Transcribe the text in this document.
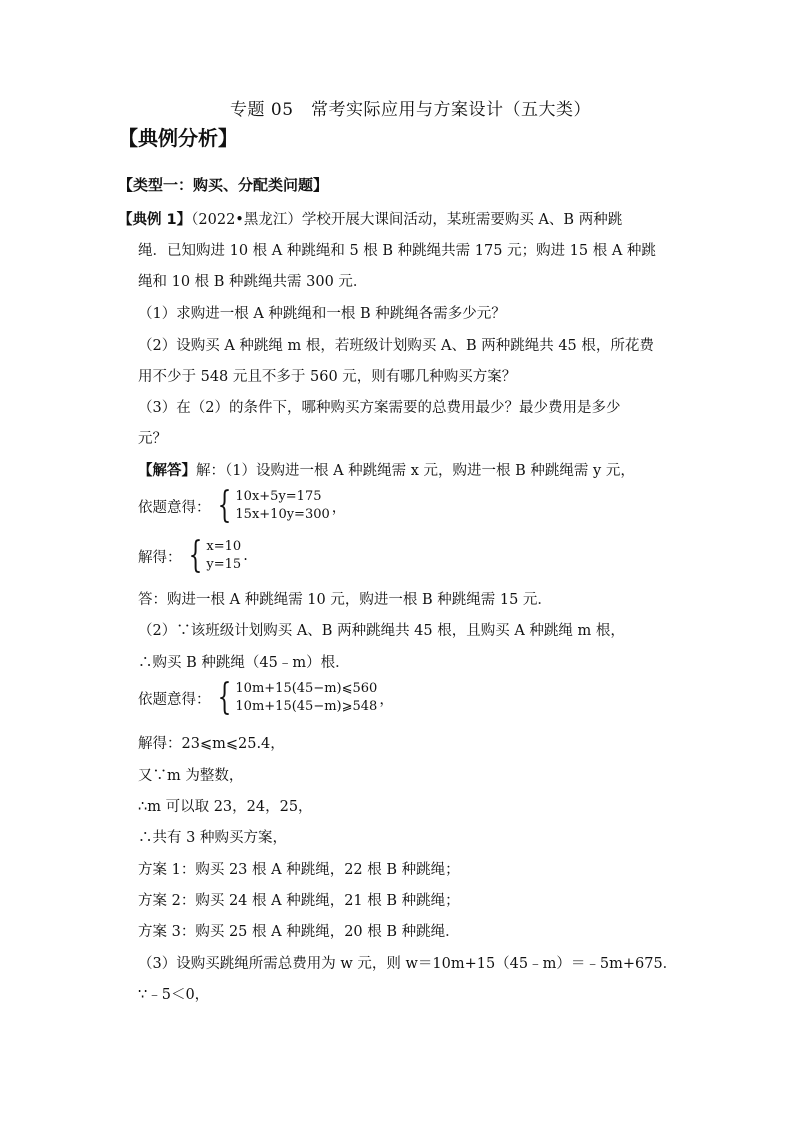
专题 05　常考实际应用与方案设计（五大类）
【典例分析】
【类型一：购买、分配类问题】
【典例 1】（2022•黑龙江）学校开展大课间活动，某班需要购买 A、B 两种跳
绳．已知购进 10 根 A 种跳绳和 5 根 B 种跳绳共需 175 元；购进 15 根 A 种跳
绳和 10 根 B 种跳绳共需 300 元．
（1）求购进一根 A 种跳绳和一根 B 种跳绳各需多少元？
（2）设购买 A 种跳绳 m 根，若班级计划购买 A、B 两种跳绳共 45 根，所花费
用不少于 548 元且不多于 560 元，则有哪几种购买方案？
（3）在（2）的条件下，哪种购买方案需要的总费用最少？最少费用是多少
元？
【解答】解：（1）设购进一根 A 种跳绳需 x 元，购进一根 B 种跳绳需 y 元，
依题意得： { 10x+5y=175
15x+10y=300 ，
解得： { x=10
y=15
.
答：购进一根 A 种跳绳需 10 元，购进一根 B 种跳绳需 15 元．
（2）∵该班级计划购买 A、B 两种跳绳共 45 根，且购买 A 种跳绳 m 根，
∴购买 B 种跳绳（45﹣m）根．
依题意得： { 10m+15(45−m)⩽560
10m+15(45−m)⩾548 ，
解得：23⩽m⩽25.4，
又∵m 为整数，
∴m 可以取 23，24，25，
∴共有 3 种购买方案，
方案 1：购买 23 根 A 种跳绳，22 根 B 种跳绳；
方案 2：购买 24 根 A 种跳绳，21 根 B 种跳绳；
方案 3：购买 25 根 A 种跳绳，20 根 B 种跳绳．
（3）设购买跳绳所需总费用为 w 元，则 w＝10m+15（45﹣m）＝﹣5m+675．
∵﹣5＜0，
